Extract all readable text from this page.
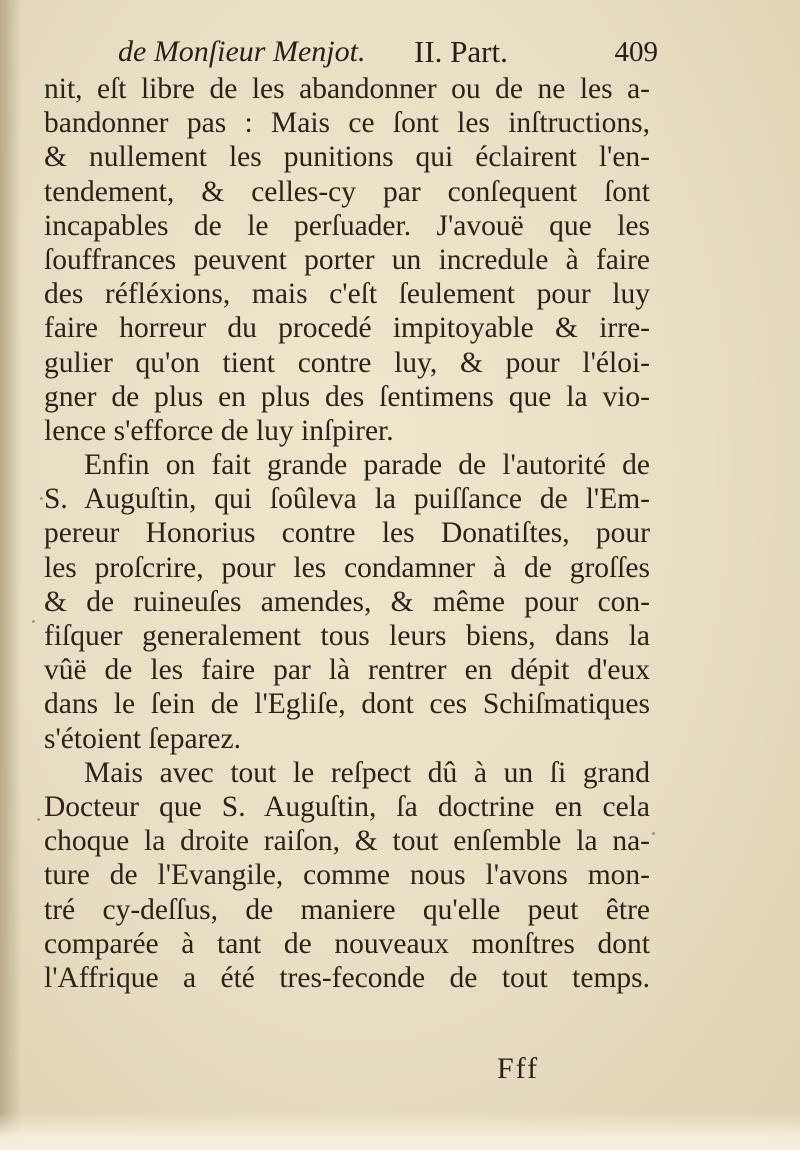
de Monſieur Menjot. II. Part.	409
nit, eſt libre de les abandonner ou de ne les a-
bandonner pas : Mais ce ſont les inſtructions,
& nullement les punitions qui éclairent l'en-
tendement, & celles-cy par conſequent ſont
incapables de le perſuader. J'avouë que les
ſouffrances peuvent porter un incredule à faire
des réfléxions, mais c'eſt ſeulement pour luy
faire horreur du procedé impitoyable & irre-
gulier qu'on tient contre luy, & pour l'éloi-
gner de plus en plus des ſentimens que la vio-
lence s'efforce de luy inſpirer.
Enfin on fait grande parade de l'autorité de
S. Auguſtin, qui ſoûleva la puiſſance de l'Em-
pereur Honorius contre les Donatiſtes, pour
les proſcrire, pour les condamner à de groſſes
& de ruineuſes amendes, & même pour con-
fiſquer generalement tous leurs biens, dans la
vûë de les faire par là rentrer en dépit d'eux
dans le ſein de l'Egliſe, dont ces Schiſmatiques
s'étoient ſeparez.
Mais avec tout le reſpect dû à un ſi grand
Docteur que S. Auguſtin, ſa doctrine en cela
choque la droite raiſon, & tout enſemble la na-
ture de l'Evangile, comme nous l'avons mon-
tré cy-deſſus, de maniere qu'elle peut être
comparée à tant de nouveaux monſtres dont
l'Affrique a été tres-feconde de tout temps.
Fff
